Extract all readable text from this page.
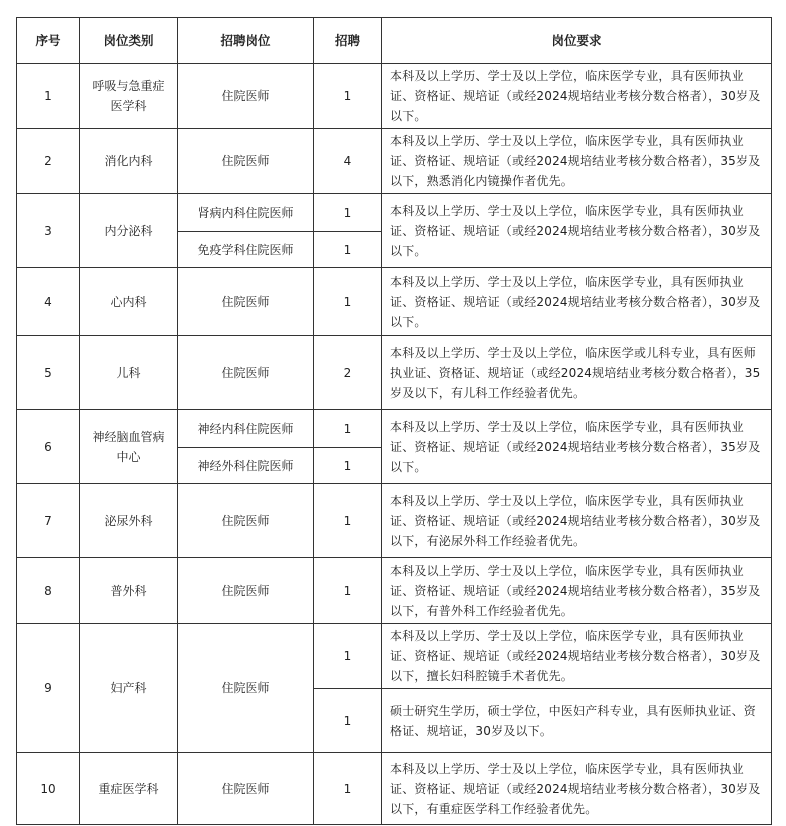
序号	岗位类别	招聘岗位	招聘	岗位要求
1	呼吸与急重症医学科	住院医师	1	本科及以上学历、学士及以上学位，临床医学专业，具有医师执业证、资格证、规培证（或经2024规培结业考核分数合格者），30岁及以下。
2	消化内科	住院医师	4	本科及以上学历、学士及以上学位，临床医学专业，具有医师执业证、资格证、规培证（或经2024规培结业考核分数合格者），35岁及以下，熟悉消化内镜操作者优先。
3	内分泌科	肾病内科住院医师	1	本科及以上学历、学士及以上学位，临床医学专业，具有医师执业证、资格证、规培证（或经2024规培结业考核分数合格者），30岁及以下。
		免疫学科住院医师	1	
4	心内科	住院医师	1	本科及以上学历、学士及以上学位，临床医学专业，具有医师执业证、资格证、规培证（或经2024规培结业考核分数合格者），30岁及以下。
5	儿科	住院医师	2	本科及以上学历、学士及以上学位，临床医学或儿科专业，具有医师执业证、资格证、规培证（或经2024规培结业考核分数合格者），35岁及以下，有儿科工作经验者优先。
6	神经脑血管病中心	神经内科住院医师	1	本科及以上学历、学士及以上学位，临床医学专业，具有医师执业证、资格证、规培证（或经2024规培结业考核分数合格者），35岁及以下。
		神经外科住院医师	1	
7	泌尿外科	住院医师	1	本科及以上学历、学士及以上学位，临床医学专业，具有医师执业证、资格证、规培证（或经2024规培结业考核分数合格者），30岁及以下，有泌尿外科工作经验者优先。
8	普外科	住院医师	1	本科及以上学历、学士及以上学位，临床医学专业，具有医师执业证、资格证、规培证（或经2024规培结业考核分数合格者），35岁及以下，有普外科工作经验者优先。
9	妇产科	住院医师	1	本科及以上学历、学士及以上学位，临床医学专业，具有医师执业证、资格证、规培证（或经2024规培结业考核分数合格者），30岁及以下，擅长妇科腔镜手术者优先。
			1	硕士研究生学历，硕士学位，中医妇产科专业，具有医师执业证、资格证、规培证，30岁及以下。
10	重症医学科	住院医师	1	本科及以上学历、学士及以上学位，临床医学专业，具有医师执业证、资格证、规培证（或经2024规培结业考核分数合格者），30岁及以下，有重症医学科工作经验者优先。
